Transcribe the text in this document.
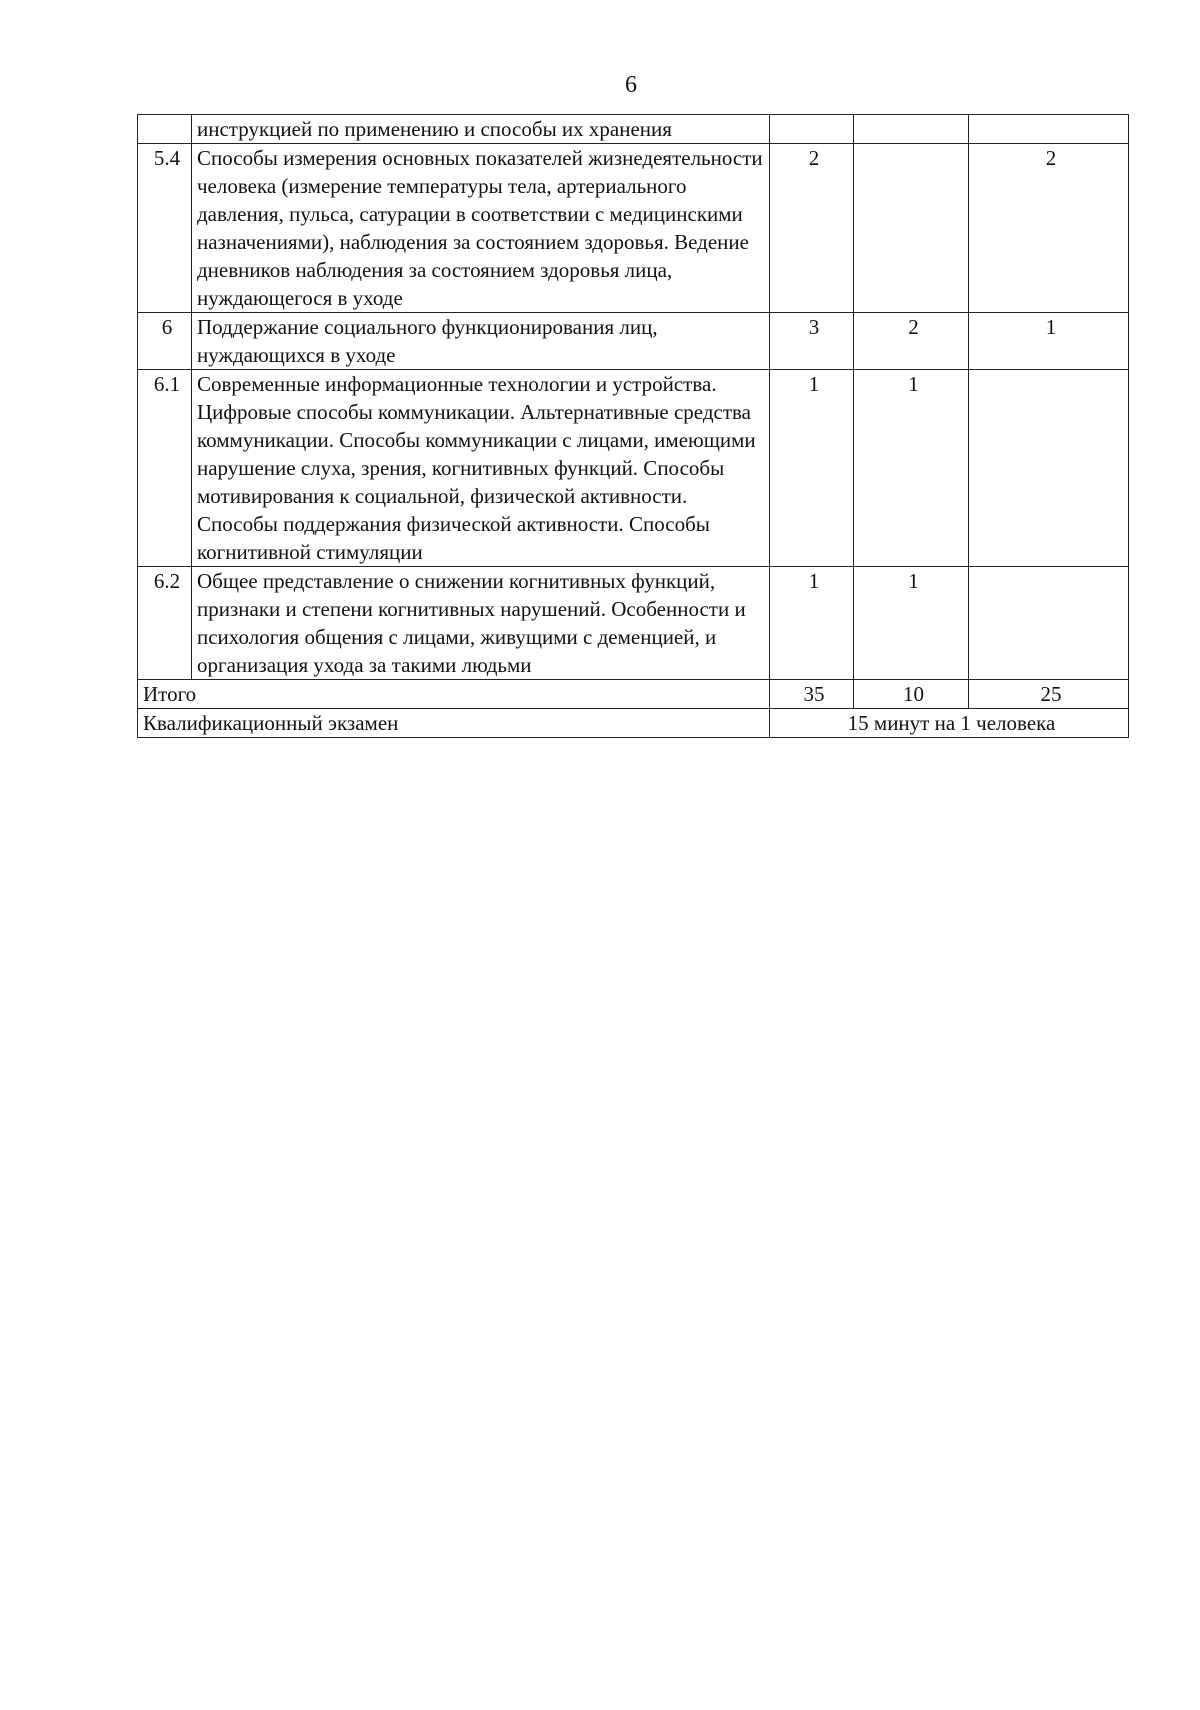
6
	инструкцией по применению и способы их хранения			
5.4	Способы измерения основных показателей жизнедеятельности человека (измерение температуры тела, артериального давления, пульса, сатурации в соответствии с медицинскими назначениями), наблюдения за состоянием здоровья. Ведение дневников наблюдения за состоянием здоровья лица, нуждающегося в уходе	2		2
6	Поддержание социального функционирования лиц, нуждающихся в уходе	3	2	1
6.1	Современные информационные технологии и устройства. Цифровые способы коммуникации. Альтернативные средства коммуникации. Способы коммуникации с лицами, имеющими нарушение слуха, зрения, когнитивных функций. Способы мотивирования к социальной, физической активности. Способы поддержания физической активности. Способы когнитивной стимуляции	1	1	
6.2	Общее представление о снижении когнитивных функций, признаки и степени когнитивных нарушений. Особенности и психология общения с лицами, живущими с деменцией, и организация ухода за такими людьми	1	1	
Итого		35	10	25
Квалификационный экзамен		15 минут на 1 человека		
